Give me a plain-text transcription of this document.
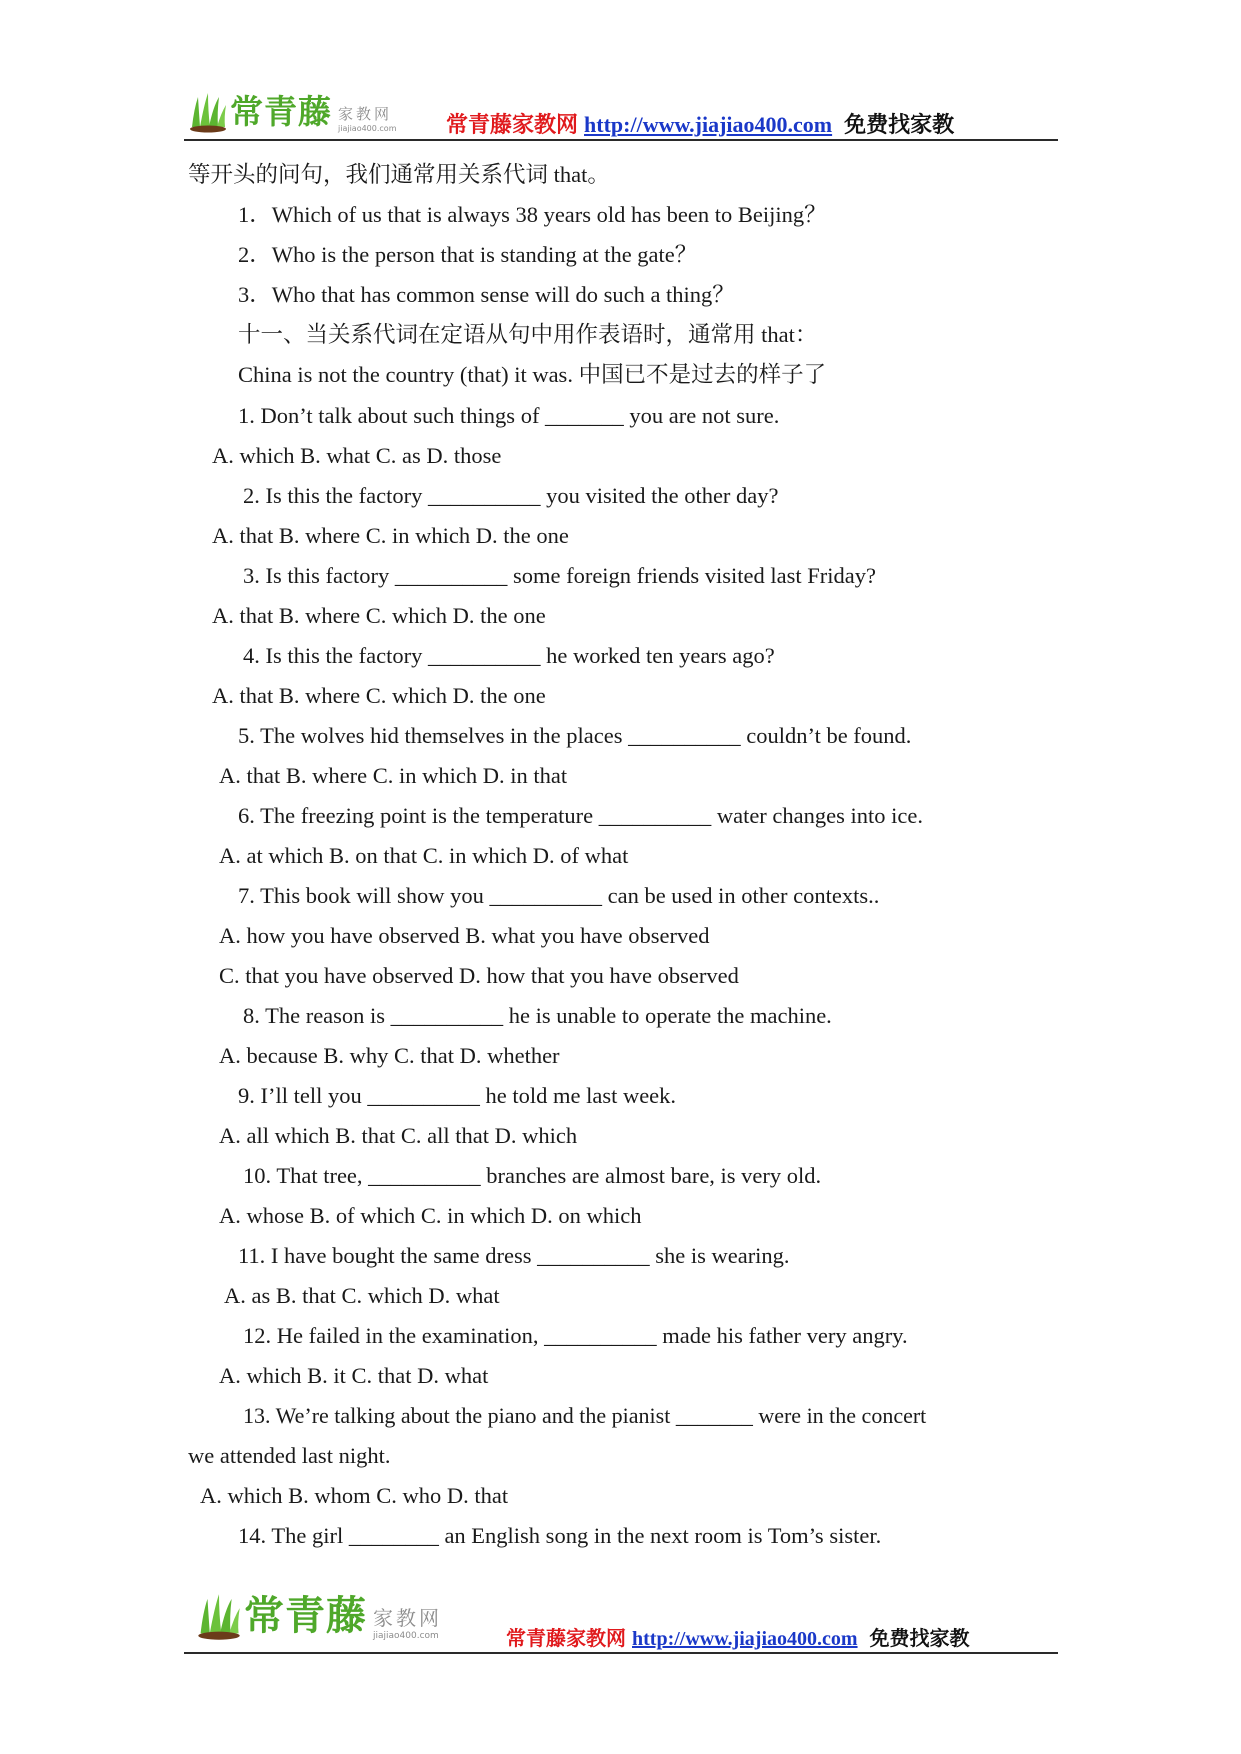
常青藤 家教网
jiajiao400.com 常青藤家教网 http://www.jiajiao400.com 免费找家教
等开头的问句，我们通常用关系代词 that。
1．Which of us that is always 38 years old has been to Beijing？
2．Who is the person that is standing at the gate？
3．Who that has common sense will do such a thing？
十一、当关系代词在定语从句中用作表语时，通常用 that：
China is not the country (that) it was. 中国已不是过去的样子了
1. Don’t talk about such things of _______ you are not sure.
A. which B. what C. as D. those
2. Is this the factory __________ you visited the other day?
A. that B. where C. in which D. the one
3. Is this factory __________ some foreign friends visited last Friday?
A. that B. where C. which D. the one
4. Is this the factory __________ he worked ten years ago?
A. that B. where C. which D. the one
5. The wolves hid themselves in the places __________ couldn’t be found.
A. that B. where C. in which D. in that
6. The freezing point is the temperature __________ water changes into ice.
A. at which B. on that C. in which D. of what
7. This book will show you __________ can be used in other contexts..
A. how you have observed B. what you have observed
C. that you have observed D. how that you have observed
8. The reason is __________ he is unable to operate the machine.
A. because B. why C. that D. whether
9. I’ll tell you __________ he told me last week.
A. all which B. that C. all that D. which
10. That tree, __________ branches are almost bare, is very old.
A. whose B. of which C. in which D. on which
11. I have bought the same dress __________ she is wearing.
A. as B. that C. which D. what
12. He failed in the examination, __________ made his father very angry.
A. which B. it C. that D. what
13. We’re talking about the piano and the pianist _______ were in the concert
we attended last night.
A. which B. whom C. who D. that
14. The girl ________ an English song in the next room is Tom’s sister.
常青藤 家教网
jiajiao400.com	常青藤家教网 http://www.jiajiao400.com 免费找家教
